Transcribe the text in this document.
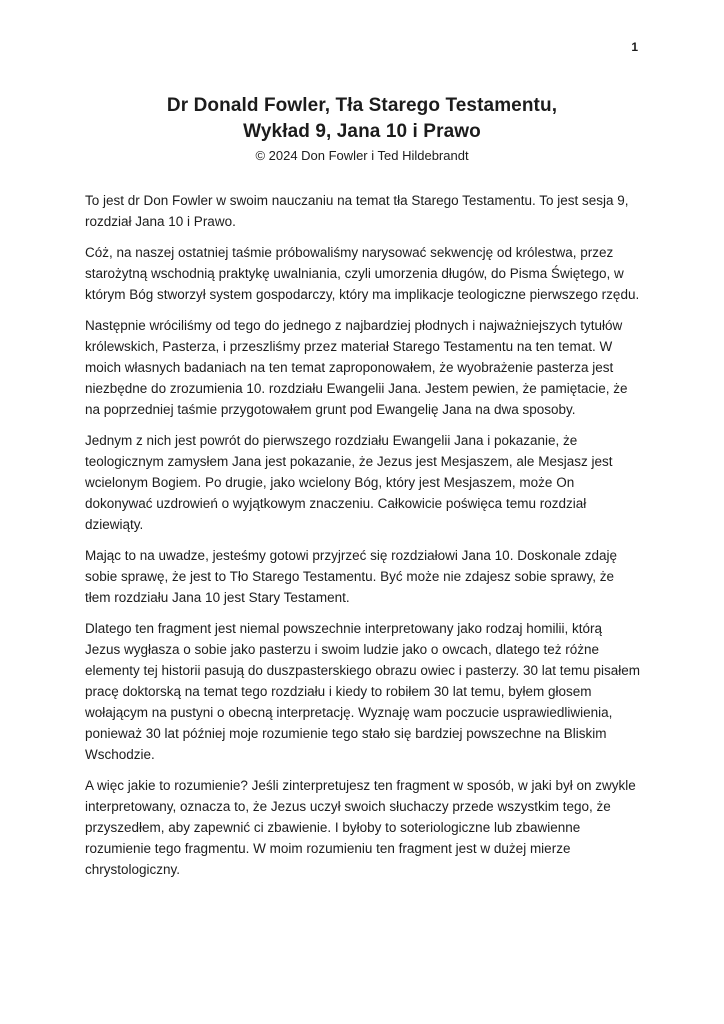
1
Dr Donald Fowler, Tła Starego Testamentu,
Wykład 9, Jana 10 i Prawo
© 2024 Don Fowler i Ted Hildebrandt

To jest dr Don Fowler w swoim nauczaniu na temat tła Starego Testamentu. To jest sesja 9, rozdział Jana 10 i Prawo.

Cóż, na naszej ostatniej taśmie próbowaliśmy narysować sekwencję od królestwa, przez starożytną wschodnią praktykę uwalniania, czyli umorzenia długów, do Pisma Świętego, w którym Bóg stworzył system gospodarczy, który ma implikacje teologiczne pierwszego rzędu.

Następnie wróciliśmy od tego do jednego z najbardziej płodnych i najważniejszych tytułów królewskich, Pasterza, i przeszliśmy przez materiał Starego Testamentu na ten temat. W moich własnych badaniach na ten temat zaproponowałem, że wyobrażenie pasterza jest niezbędne do zrozumienia 10. rozdziału Ewangelii Jana. Jestem pewien, że pamiętacie, że na poprzedniej taśmie przygotowałem grunt pod Ewangelię Jana na dwa sposoby.

Jednym z nich jest powrót do pierwszego rozdziału Ewangelii Jana i pokazanie, że teologicznym zamysłem Jana jest pokazanie, że Jezus jest Mesjaszem, ale Mesjasz jest wcielonym Bogiem. Po drugie, jako wcielony Bóg, który jest Mesjaszem, może On dokonywać uzdrowień o wyjątkowym znaczeniu. Całkowicie poświęca temu rozdział dziewiąty.

Mając to na uwadze, jesteśmy gotowi przyjrzeć się rozdziałowi Jana 10. Doskonale zdaję sobie sprawę, że jest to Tło Starego Testamentu. Być może nie zdajesz sobie sprawy, że tłem rozdziału Jana 10 jest Stary Testament.

Dlatego ten fragment jest niemal powszechnie interpretowany jako rodzaj homilii, którą Jezus wygłasza o sobie jako pasterzu i swoim ludzie jako o owcach, dlatego też różne elementy tej historii pasują do duszpasterskiego obrazu owiec i pasterzy. 30 lat temu pisałem pracę doktorską na temat tego rozdziału i kiedy to robiłem 30 lat temu, byłem głosem wołającym na pustyni o obecną interpretację. Wyznaję wam poczucie usprawiedliwienia, ponieważ 30 lat później moje rozumienie tego stało się bardziej powszechne na Bliskim Wschodzie.

A więc jakie to rozumienie? Jeśli zinterpretujesz ten fragment w sposób, w jaki był on zwykle interpretowany, oznacza to, że Jezus uczył swoich słuchaczy przede wszystkim tego, że przyszedłem, aby zapewnić ci zbawienie. I byłoby to soteriologiczne lub zbawienne rozumienie tego fragmentu. W moim rozumieniu ten fragment jest w dużej mierze chrystologiczny.
